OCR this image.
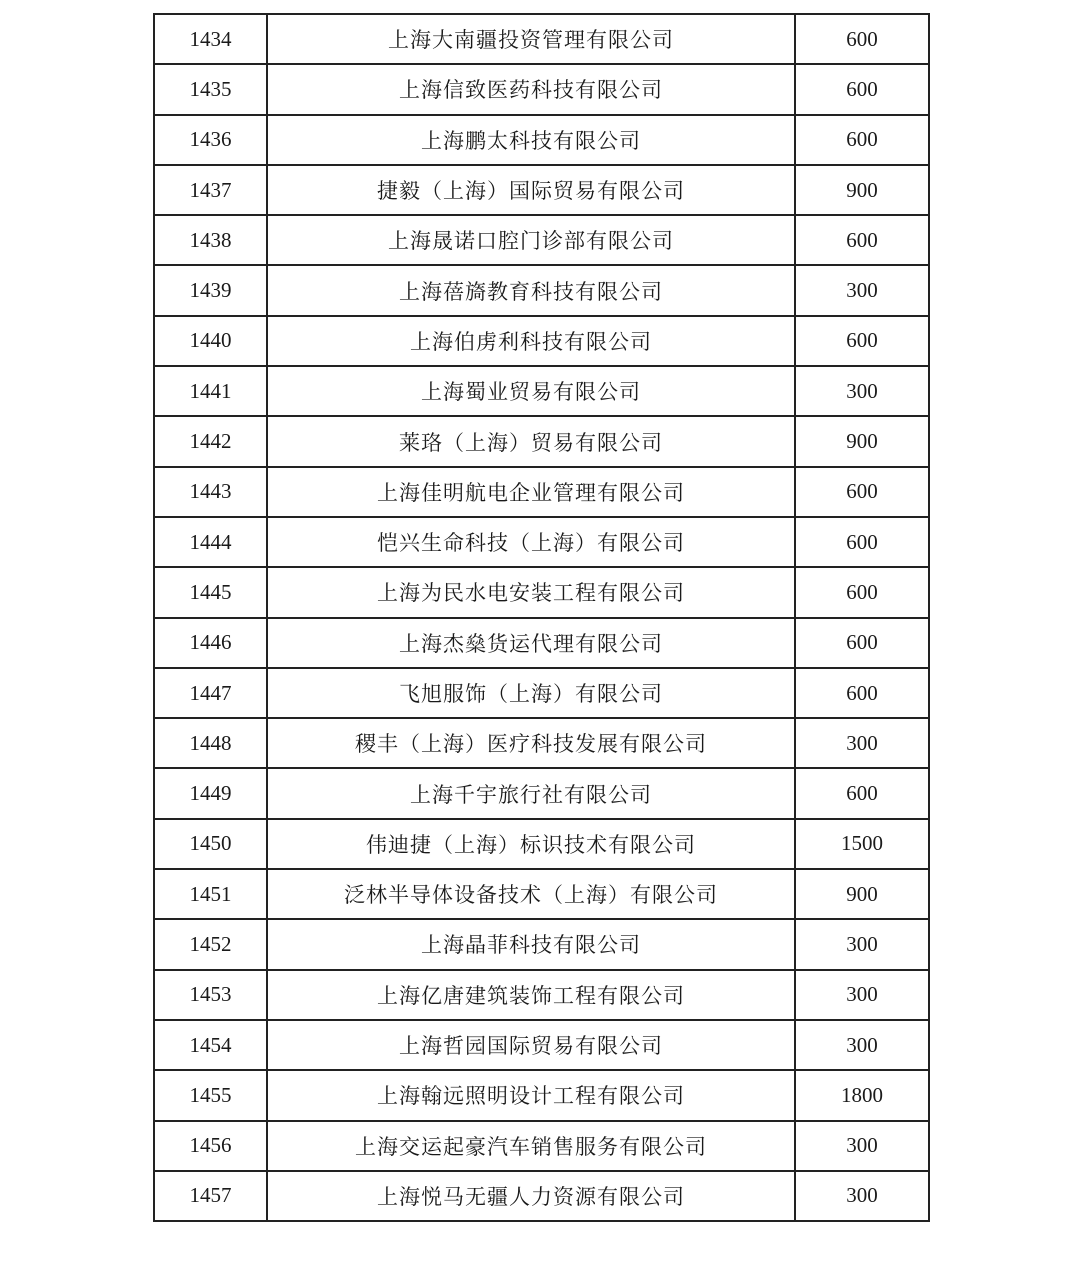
1434	上海大南疆投资管理有限公司	600
1435	上海信致医药科技有限公司	600
1436	上海鹏太科技有限公司	600
1437	捷毅（上海）国际贸易有限公司	900
1438	上海晟诺口腔门诊部有限公司	600
1439	上海蓓旖教育科技有限公司	300
1440	上海伯虏利科技有限公司	600
1441	上海蜀业贸易有限公司	300
1442	莱珞（上海）贸易有限公司	900
1443	上海佳明航电企业管理有限公司	600
1444	恺兴生命科技（上海）有限公司	600
1445	上海为民水电安装工程有限公司	600
1446	上海杰燊货运代理有限公司	600
1447	飞旭服饰（上海）有限公司	600
1448	稷丰（上海）医疗科技发展有限公司	300
1449	上海千宇旅行社有限公司	600
1450	伟迪捷（上海）标识技术有限公司	1500
1451	泛林半导体设备技术（上海）有限公司	900
1452	上海晶菲科技有限公司	300
1453	上海亿唐建筑装饰工程有限公司	300
1454	上海哲园国际贸易有限公司	300
1455	上海翰远照明设计工程有限公司	1800
1456	上海交运起豪汽车销售服务有限公司	300
1457	上海悦马无疆人力资源有限公司	300
